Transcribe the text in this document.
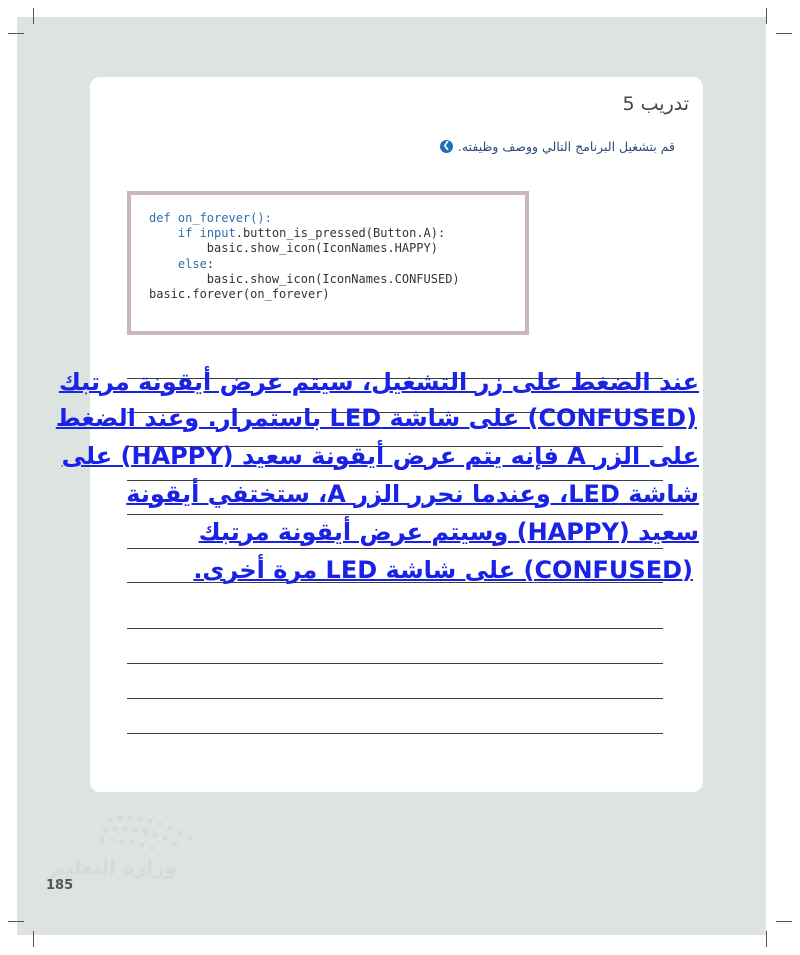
تدريب 5
❯ قم بتشغيل البرنامج التالي ووصف وظيفته.
def on_forever():
if input.button_is_pressed(Button.A):
basic.show_icon(IconNames.HAPPY)
else:
basic.show_icon(IconNames.CONFUSED)
basic.forever(on_forever)
عند الضغط على زر التشغيل، سيتم عرض أيقونة مرتبك
(CONFUSED) على شاشة LED باستمرار. وعند الضغط
على الزر A فإنه يتم عرض أيقونة سعيد (HAPPY) على
شاشة LED، وعندما نحرر الزر A، ستختفي أيقونة
سعيد (HAPPY) وسيتم عرض أيقونة مرتبك
(CONFUSED) على شاشة LED مرة أخرى.
وزارة التعليم
185
